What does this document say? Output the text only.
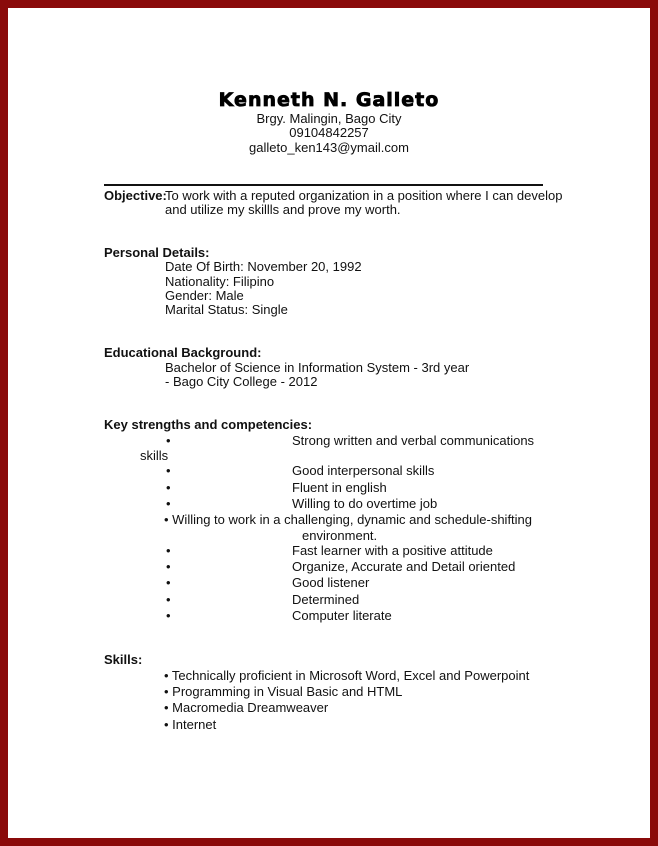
Kenneth N. Galleto
Brgy. Malingin, Bago City
09104842257
galleto_ken143@ymail.com
Objective:
To work with a reputed organization in a position where I can develop
and utilize my skillls and prove my worth.
Personal Details:
Date Of Birth: November 20, 1992
Nationality: Filipino
Gender: Male
Marital Status: Single
Educational Background:
Bachelor of Science in Information System - 3rd year
- Bago City College - 2012
Key strengths and competencies:
•	Strong written and verbal communications
skills
•	Good interpersonal skills
•	Fluent in english
•	Willing to do overtime job
• Willing to work in a challenging, dynamic and schedule-shifting
environment.
•	Fast learner with a positive attitude
•	Organize, Accurate and Detail oriented
•	Good listener
•	Determined
•	Computer literate
Skills:
• Technically proficient in Microsoft Word, Excel and Powerpoint
• Programming in Visual Basic and HTML
• Macromedia Dreamweaver
• Internet
